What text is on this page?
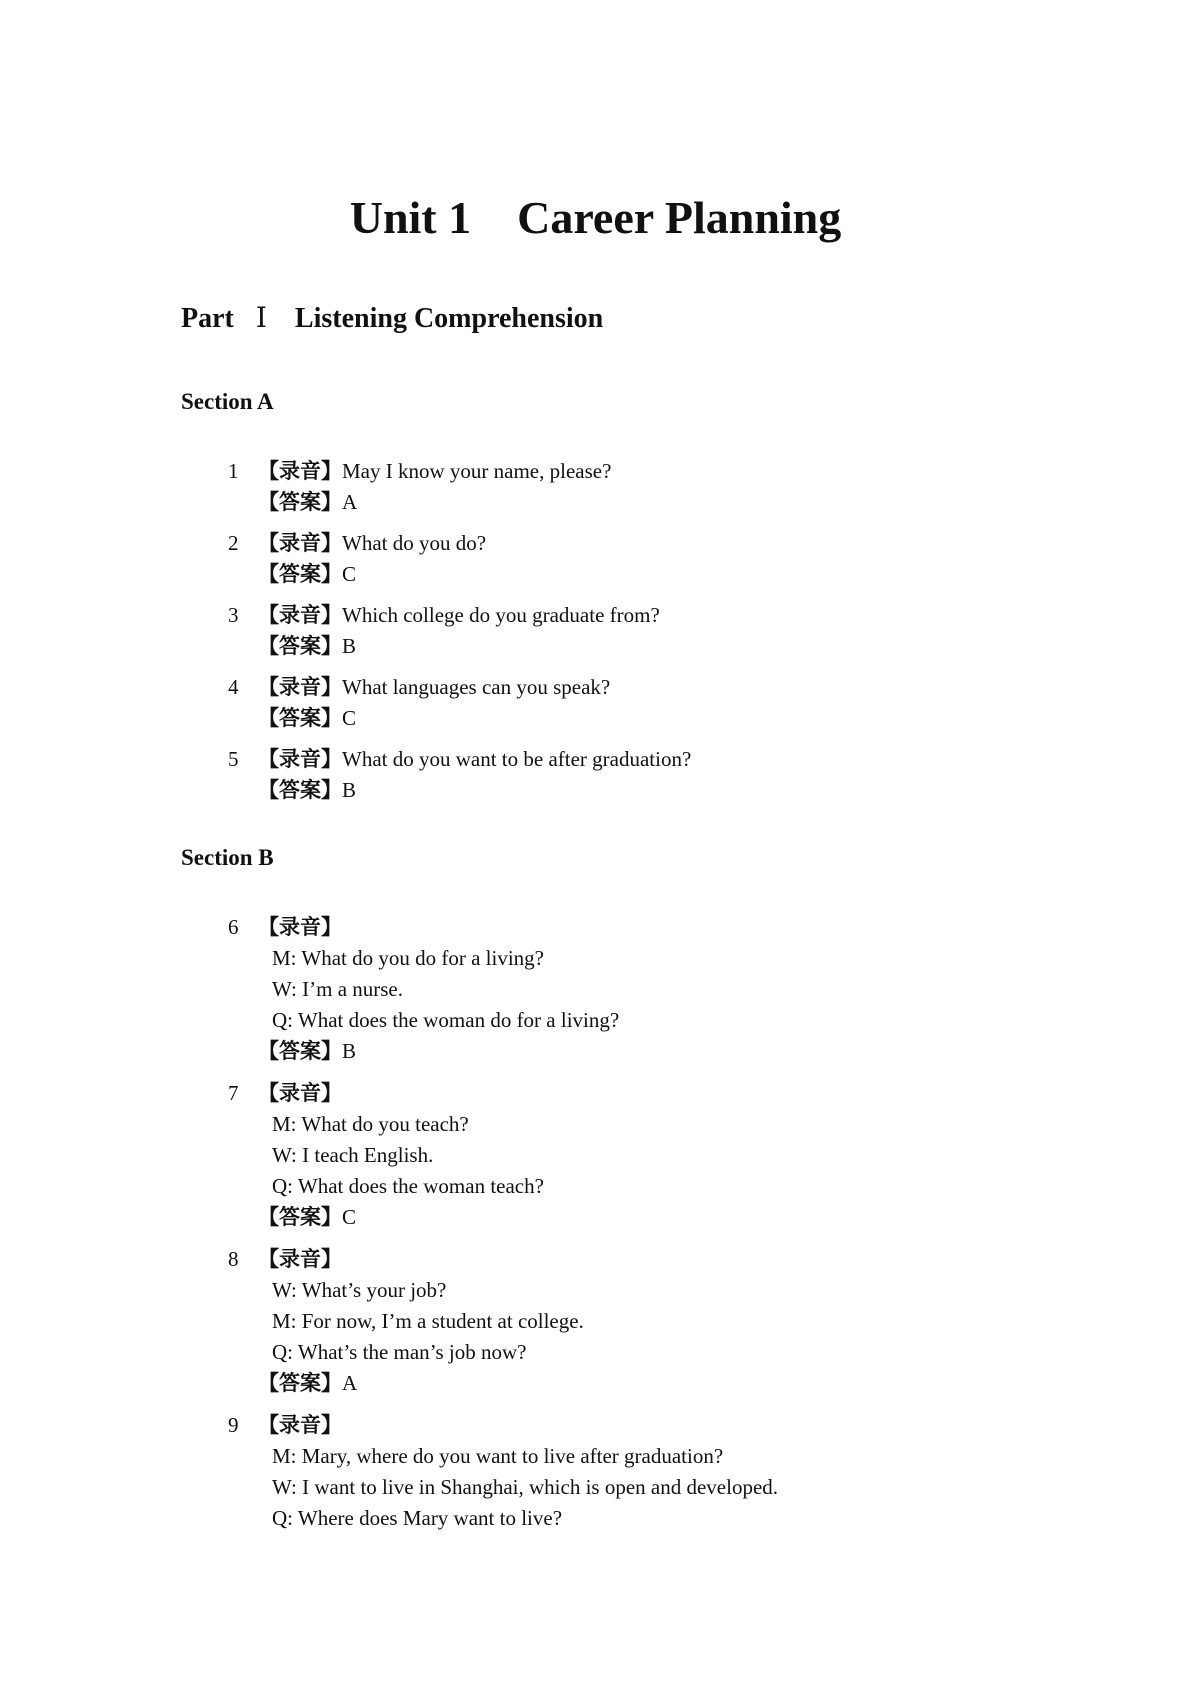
Unit 1 Career Planning
Part Ⅰ Listening Comprehension
Section A
1 【录音】May I know your name, please?
【答案】A
2 【录音】What do you do?
【答案】C
3 【录音】Which college do you graduate from?
【答案】B
4 【录音】What languages can you speak?
【答案】C
5 【录音】What do you want to be after graduation?
【答案】B
Section B
6 【录音】
M: What do you do for a living?
W: I’m a nurse.
Q: What does the woman do for a living?
【答案】B
7 【录音】
M: What do you teach?
W: I teach English.
Q: What does the woman teach?
【答案】C
8 【录音】
W: What’s your job?
M: For now, I’m a student at college.
Q: What’s the man’s job now?
【答案】A
9 【录音】
M: Mary, where do you want to live after graduation?
W: I want to live in Shanghai, which is open and developed.
Q: Where does Mary want to live?
